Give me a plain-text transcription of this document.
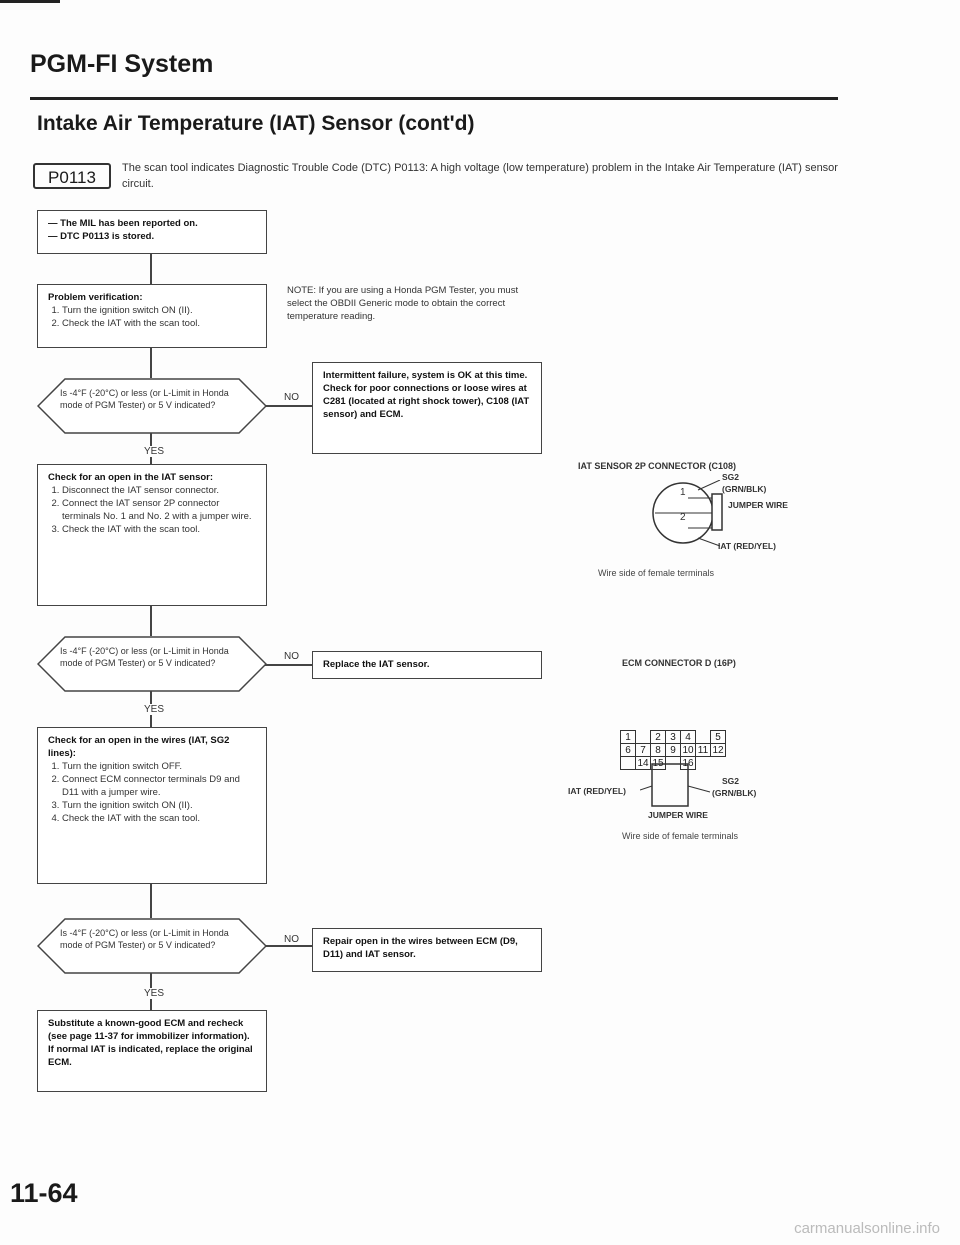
PGM-FI System
Intake Air Temperature (IAT) Sensor (cont'd)
P0113	The scan tool indicates Diagnostic Trouble Code (DTC) P0113: A high voltage (low temperature) problem in the Intake Air Temperature (IAT) sensor circuit.
— The MIL has been reported on.
— DTC P0113 is stored.
Problem verification:
1. Turn the ignition switch ON (II).
2. Check the IAT with the scan tool.
NOTE: If you are using a Honda PGM Tester, you must select the OBDII Generic mode to obtain the correct temperature reading.
Is -4°F (-20°C) or less (or L-Limit in Honda mode of PGM Tester) or 5 V indicated?
NO
YES
Intermittent failure, system is OK at this time. Check for poor connections or loose wires at C281 (located at right shock tower), C108 (IAT sensor) and ECM.
Check for an open in the IAT sensor:
1. Disconnect the IAT sensor connector.
2. Connect the IAT sensor 2P connector terminals No. 1 and No. 2 with a jumper wire.
3. Check the IAT with the scan tool.
Is -4°F (-20°C) or less (or L-Limit in Honda mode of PGM Tester) or 5 V indicated?
NO
YES
Replace the IAT sensor.
Check for an open in the wires (IAT, SG2 lines):
1. Turn the ignition switch OFF.
2. Connect ECM connector terminals D9 and D11 with a jumper wire.
3. Turn the ignition switch ON (II).
4. Check the IAT with the scan tool.
Is -4°F (-20°C) or less (or L-Limit in Honda mode of PGM Tester) or 5 V indicated?	NO
YES
Repair open in the wires between ECM (D9, D11) and IAT sensor.
Substitute a known-good ECM and recheck (see page 11-37 for immobilizer information). If normal IAT is indicated, replace the original ECM.
IAT SENSOR 2P CONNECTOR (C108)
1
2
SG2
(GRN/BLK)
JUMPER WIRE
IAT (RED/YEL)
Wire side of female terminals
ECM CONNECTOR D (16P)
1		2	3	4		5
6	7	8	9	10	11	12
	14	15		16		
IAT (RED/YEL)
SG2
(GRN/BLK)
JUMPER WIRE
Wire side of female terminals
11-64
carmanualsonline.info
